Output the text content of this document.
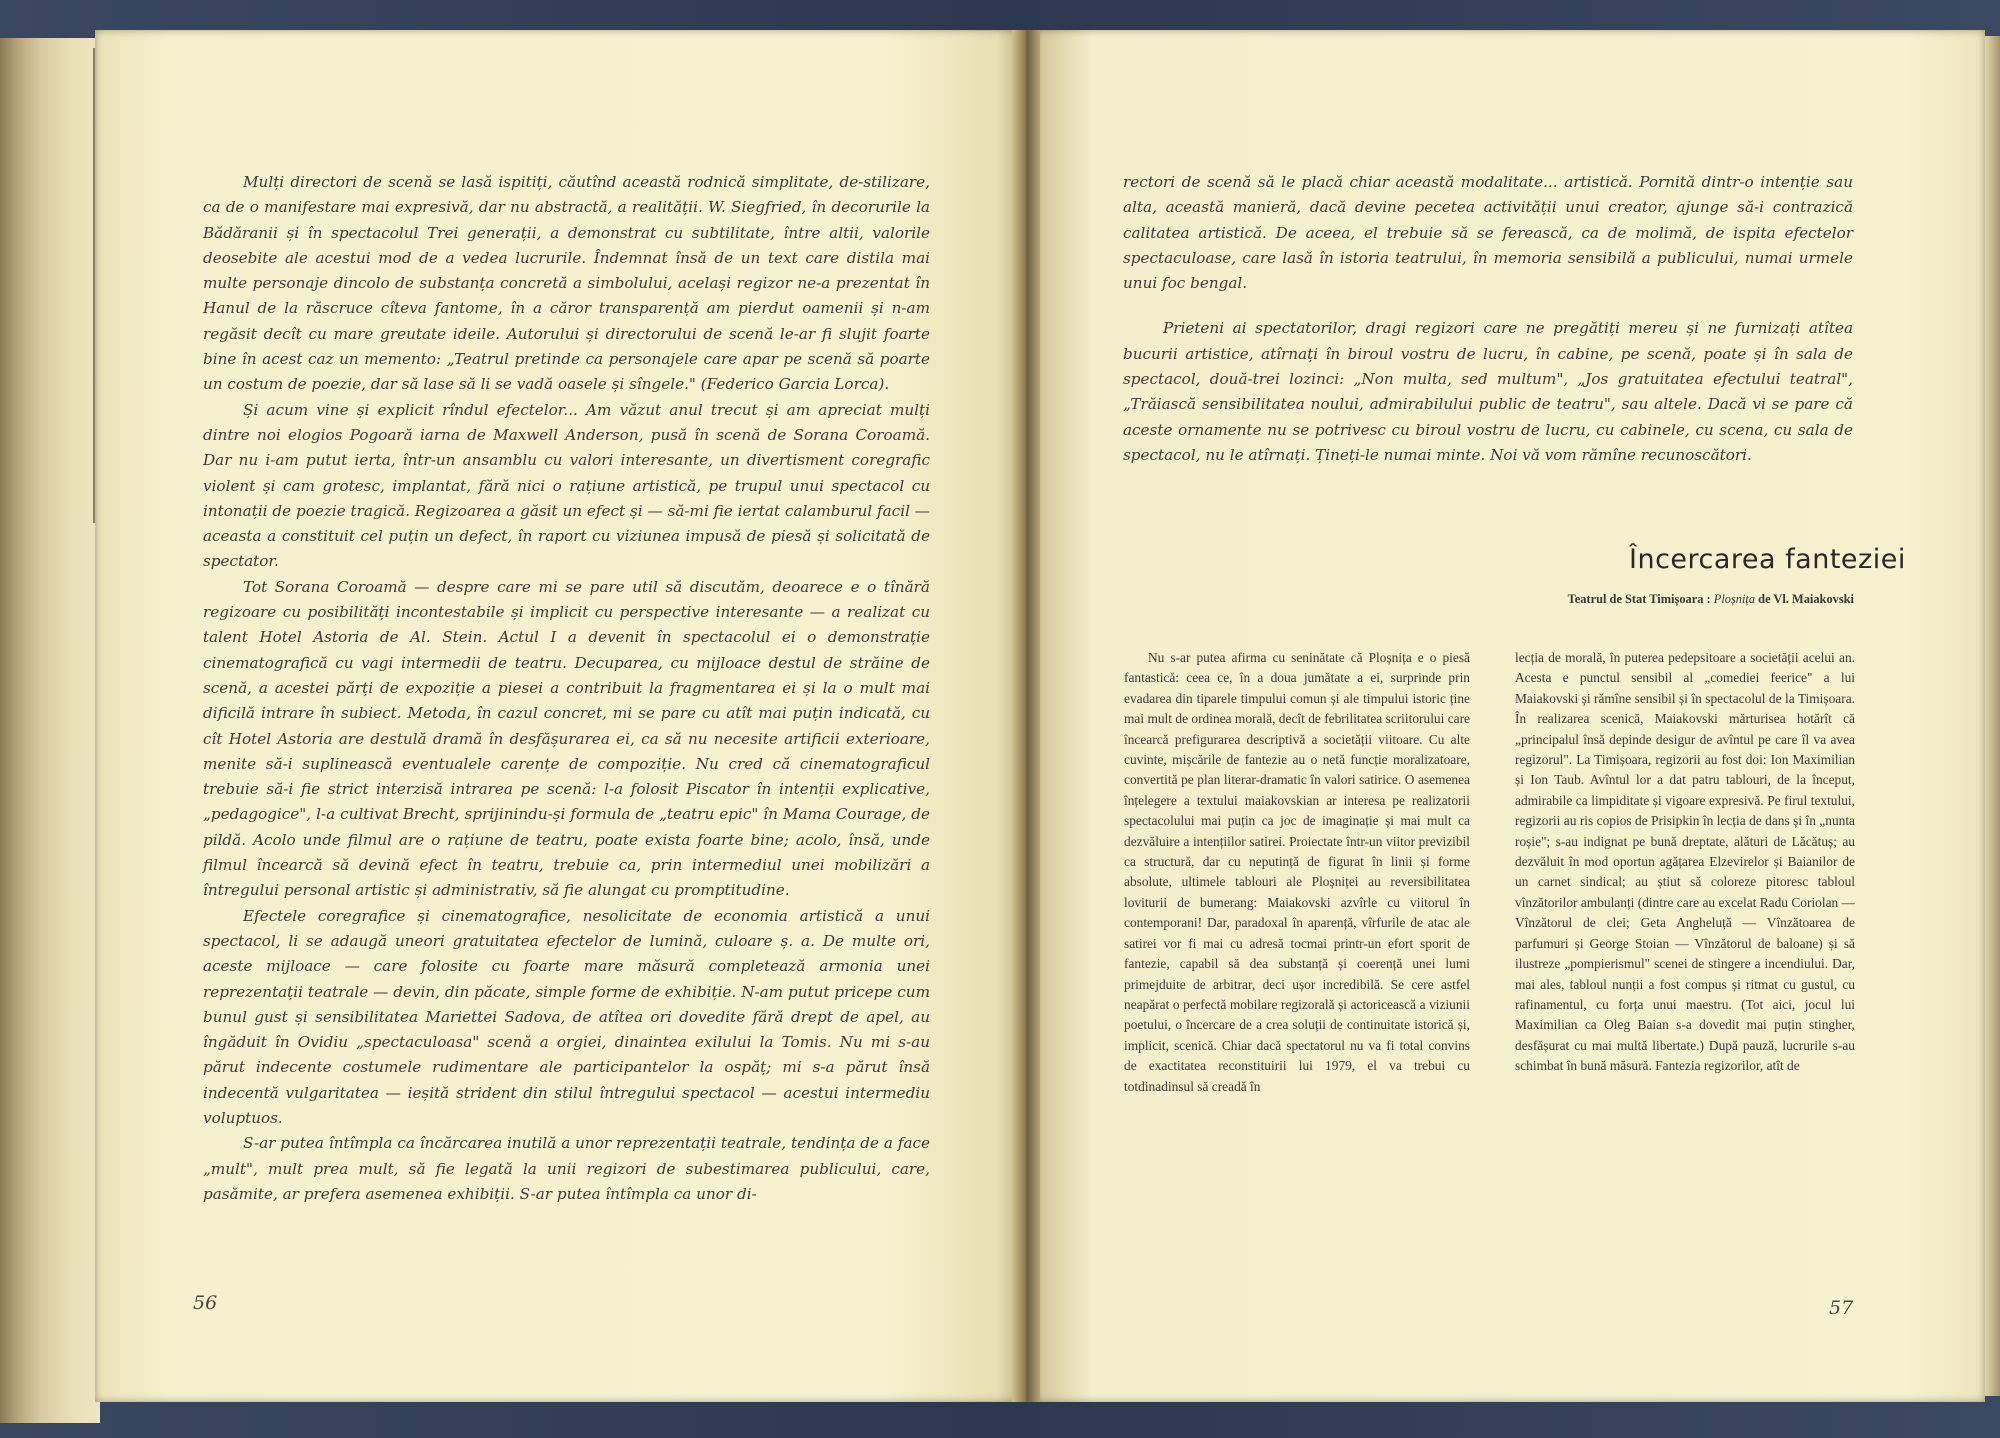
Mulți directori de scenă se lasă ispitiți, căutînd această rodnică simplitate, de-stilizare, ca de o manifestare mai expresivă, dar nu abstractă, a realității. W. Siegfried, în decorurile la Bădăranii și în spectacolul Trei generații, a demonstrat cu subtilitate, între altii, valorile deosebite ale acestui mod de a vedea lucrurile. Îndemnat însă de un text care distila mai multe personaje dincolo de substanța concretă a simbolului, același regizor ne-a prezentat în Hanul de la răscruce cîteva fantome, în a căror transparență am pierdut oamenii și n-am regăsit decît cu mare greutate ideile. Autorului și directorului de scenă le-ar fi slujit foarte bine în acest caz un memento: „Teatrul pretinde ca personajele care apar pe scenă să poarte un costum de poezie, dar să lase să li se vadă oasele și sîngele." (Federico Garcia Lorca).

Și acum vine și explicit rîndul efectelor... Am văzut anul trecut și am apreciat mulți dintre noi elogios Pogoară iarna de Maxwell Anderson, pusă în scenă de Sorana Coroamă. Dar nu i-am putut ierta, într-un ansamblu cu valori interesante, un divertisment coregrafic violent și cam grotesc, implantat, fără nici o rațiune artistică, pe trupul unui spectacol cu intonații de poezie tragică. Regizoarea a găsit un efect și — să-mi fie iertat calamburul facil — aceasta a constituit cel puțin un defect, în raport cu viziunea impusă de piesă și solicitată de spectator.

Tot Sorana Coroamă — despre care mi se pare util să discutăm, deoarece e o tînără regizoare cu posibilități incontestabile și implicit cu perspective interesante — a realizat cu talent Hotel Astoria de Al. Stein. Actul I a devenit în spectacolul ei o demonstrație cinematografică cu vagi intermedii de teatru. Decuparea, cu mijloace destul de străine de scenă, a acestei părți de expoziție a piesei a contribuit la fragmentarea ei și la o mult mai dificilă intrare în subiect. Metoda, în cazul concret, mi se pare cu atît mai puțin indicată, cu cît Hotel Astoria are destulă dramă în desfășurarea ei, ca să nu necesite artificii exterioare, menite să-i suplinească eventualele carențe de compoziție. Nu cred că cinematograficul trebuie să-i fie strict interzisă intrarea pe scenă: l-a folosit Piscator în intenții explicative, „pedagogice", l-a cultivat Brecht, sprijinindu-și formula de „teatru epic" în Mama Courage, de pildă. Acolo unde filmul are o rațiune de teatru, poate exista foarte bine; acolo, însă, unde filmul încearcă să devină efect în teatru, trebuie ca, prin intermediul unei mobilizări a întregului personal artistic și administrativ, să fie alungat cu promptitudine.

Efectele coregrafice și cinematografice, nesolicitate de economia artistică a unui spectacol, li se adaugă uneori gratuitatea efectelor de lumină, culoare ș. a. De multe ori, aceste mijloace — care folosite cu foarte mare măsură completează armonia unei reprezentații teatrale — devin, din păcate, simple forme de exhibiție. N-am putut pricepe cum bunul gust și sensibilitatea Mariettei Sadova, de atîtea ori dovedite fără drept de apel, au îngăduit în Ovidiu „spectaculoasa" scenă a orgiei, dinaintea exilului la Tomis. Nu mi s-au părut indecente costumele rudimentare ale participantelor la ospăț; mi s-a părut însă indecentă vulgaritatea — ieșită strident din stilul întregului spectacol — acestui intermediu voluptuos.

S-ar putea întîmpla ca încărcarea inutilă a unor reprezentații teatrale, tendința de a face „mult", mult prea mult, să fie legată la unii regizori de subestimarea publicului, care, pasămite, ar prefera asemenea exhibiții. S-ar putea întîmpla ca unor di-

56

rectori de scenă să le placă chiar această modalitate... artistică. Pornită dintr-o intenție sau alta, această manieră, dacă devine pecetea activității unui creator, ajunge să-i contrazică calitatea artistică. De aceea, el trebuie să se ferească, ca de molimă, de ispita efectelor spectaculoase, care lasă în istoria teatrului, în memoria sensibilă a publicului, numai urmele unui foc bengal.

Prieteni ai spectatorilor, dragi regizori care ne pregătiți mereu și ne furnizați atîtea bucurii artistice, atîrnați în biroul vostru de lucru, în cabine, pe scenă, poate și în sala de spectacol, două-trei lozinci: „Non multa, sed multum", „Jos gratuitatea efectului teatral", „Trăiască sensibilitatea noului, admirabilului public de teatru", sau altele. Dacă vi se pare că aceste ornamente nu se potrivesc cu biroul vostru de lucru, cu cabinele, cu scena, cu sala de spectacol, nu le atîrnați. Țineți-le numai minte. Noi vă vom rămîne recunoscători.

Încercarea fanteziei
Teatrul de Stat Timișoara : Ploșnița de Vl. Maiakovski

Nu s-ar putea afirma cu seninătate că Ploșnița e o piesă fantastică: ceea ce, în a doua jumătate a ei, surprinde prin evadarea din tiparele timpului comun și ale timpului istoric ține mai mult de ordinea morală, decît de febrilitatea scriitorului care încearcă prefigurarea descriptivă a societății viitoare. Cu alte cuvinte, mișcările de fantezie au o netă funcție moralizatoare, convertită pe plan literar-dramatic în valori satirice. O asemenea înțelegere a textului maiakovskian ar interesa pe realizatorii spectacolului mai puțin ca joc de imaginație și mai mult ca dezvăluire a intențiilor satirei. Proiectate într-un viitor previzibil ca structură, dar cu neputință de figurat în linii și forme absolute, ultimele tablouri ale Ploșniței au reversibilitatea loviturii de bumerang: Maiakovski azvîrle cu viitorul în contemporani! Dar, paradoxal în aparență, vîrfurile de atac ale satirei vor fi mai cu adresă tocmai printr-un efort sporit de fantezie, capabil să dea substanță și coerență unei lumi primejduite de arbitrar, deci ușor incredibilă. Se cere astfel neapărat o perfectă mobilare regizorală și actoricească a viziunii poetului, o încercare de a crea soluții de continuitate istorică și, implicit, scenică. Chiar dacă spectatorul nu va fi total convins de exactitatea reconstituirii lui 1979, el va trebui cu totdinadinsul să creadă în

lecția de morală, în puterea pedepsitoare a societății acelui an. Acesta e punctul sensibil al „comediei feerice" a lui Maiakovski și rămîne sensibil și în spectacolul de la Timișoara. În realizarea scenică, Maiakovski mărturisea hotărît că „principalul însă depinde desigur de avîntul pe care îl va avea regizorul". La Timișoara, regizorii au fost doi: Ion Maximilian și Ion Taub. Avîntul lor a dat patru tablouri, de la început, admirabile ca limpiditate și vigoare expresivă. Pe firul textului, regizorii au ris copios de Prisipkin în lecția de dans și în „nunta roșie"; s-au indignat pe bună dreptate, alături de Lăcătuș; au dezvăluit în mod oportun agățarea Elzevirelor și Baianilor de un carnet sindical; au știut să coloreze pitoresc tabloul vînzătorilor ambulanți (dintre care au excelat Radu Coriolan — Vînzătorul de clei; Geta Angheluță — Vînzătoarea de parfumuri și George Stoian — Vînzătorul de baloane) și să ilustreze „pompierismul" scenei de stingere a incendiului. Dar, mai ales, tabloul nunții a fost compus și ritmat cu gustul, cu rafinamentul, cu forța unui maestru. (Tot aici, jocul lui Maximilian ca Oleg Baian s-a dovedit mai puțin stingher, desfășurat cu mai multă libertate.) După pauză, lucrurile s-au schimbat în bună măsură. Fantezia regizorilor, atît de

57
